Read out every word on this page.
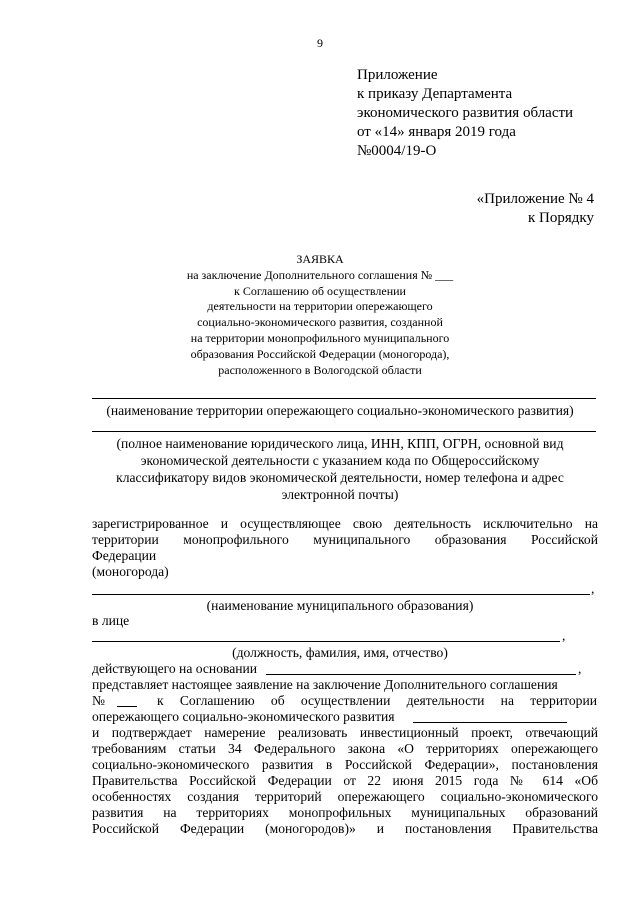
9
Приложение
к приказу Департамента
экономического развития области
от «14» января 2019 года
№0004/19-О
«Приложение № 4
к Порядку
ЗАЯВКА
на заключение Дополнительного соглашения № ___
к Соглашению об осуществлении
деятельности на территории опережающего
социально-экономического развития, созданной
на территории монопрофильного муниципального
образования Российской Федерации (моногорода),
расположенного в Вологодской области
(наименование территории опережающего социально-экономического развития)
(полное наименование юридического лица, ИНН, КПП, ОГРН, основной вид
экономической деятельности с указанием кода по Общероссийскому
классификатору видов экономической деятельности, номер телефона и адрес
электронной почты)
зарегистрированное и осуществляющее свою деятельность исключительно на
территории монопрофильного муниципального образования Российской
Федерации
(моногорода)
,
(наименование муниципального образования)
в лице
,
(должность, фамилия, имя, отчество)
действующего на основании	,
представляет настоящее заявление на заключение Дополнительного соглашения
№	к Соглашению об осуществлении деятельности на территории
опережающего социально-экономического развития
и подтверждает намерение реализовать инвестиционный проект, отвечающий
требованиям статьи 34 Федерального закона «О территориях опережающего
социально-экономического развития в Российской Федерации», постановления
Правительства Российской Федерации от 22 июня 2015 года № 614 «Об
особенностях создания территорий опережающего социально-экономического
развития на территориях монопрофильных муниципальных образований
Российской Федерации (моногородов)» и постановления Правительства
